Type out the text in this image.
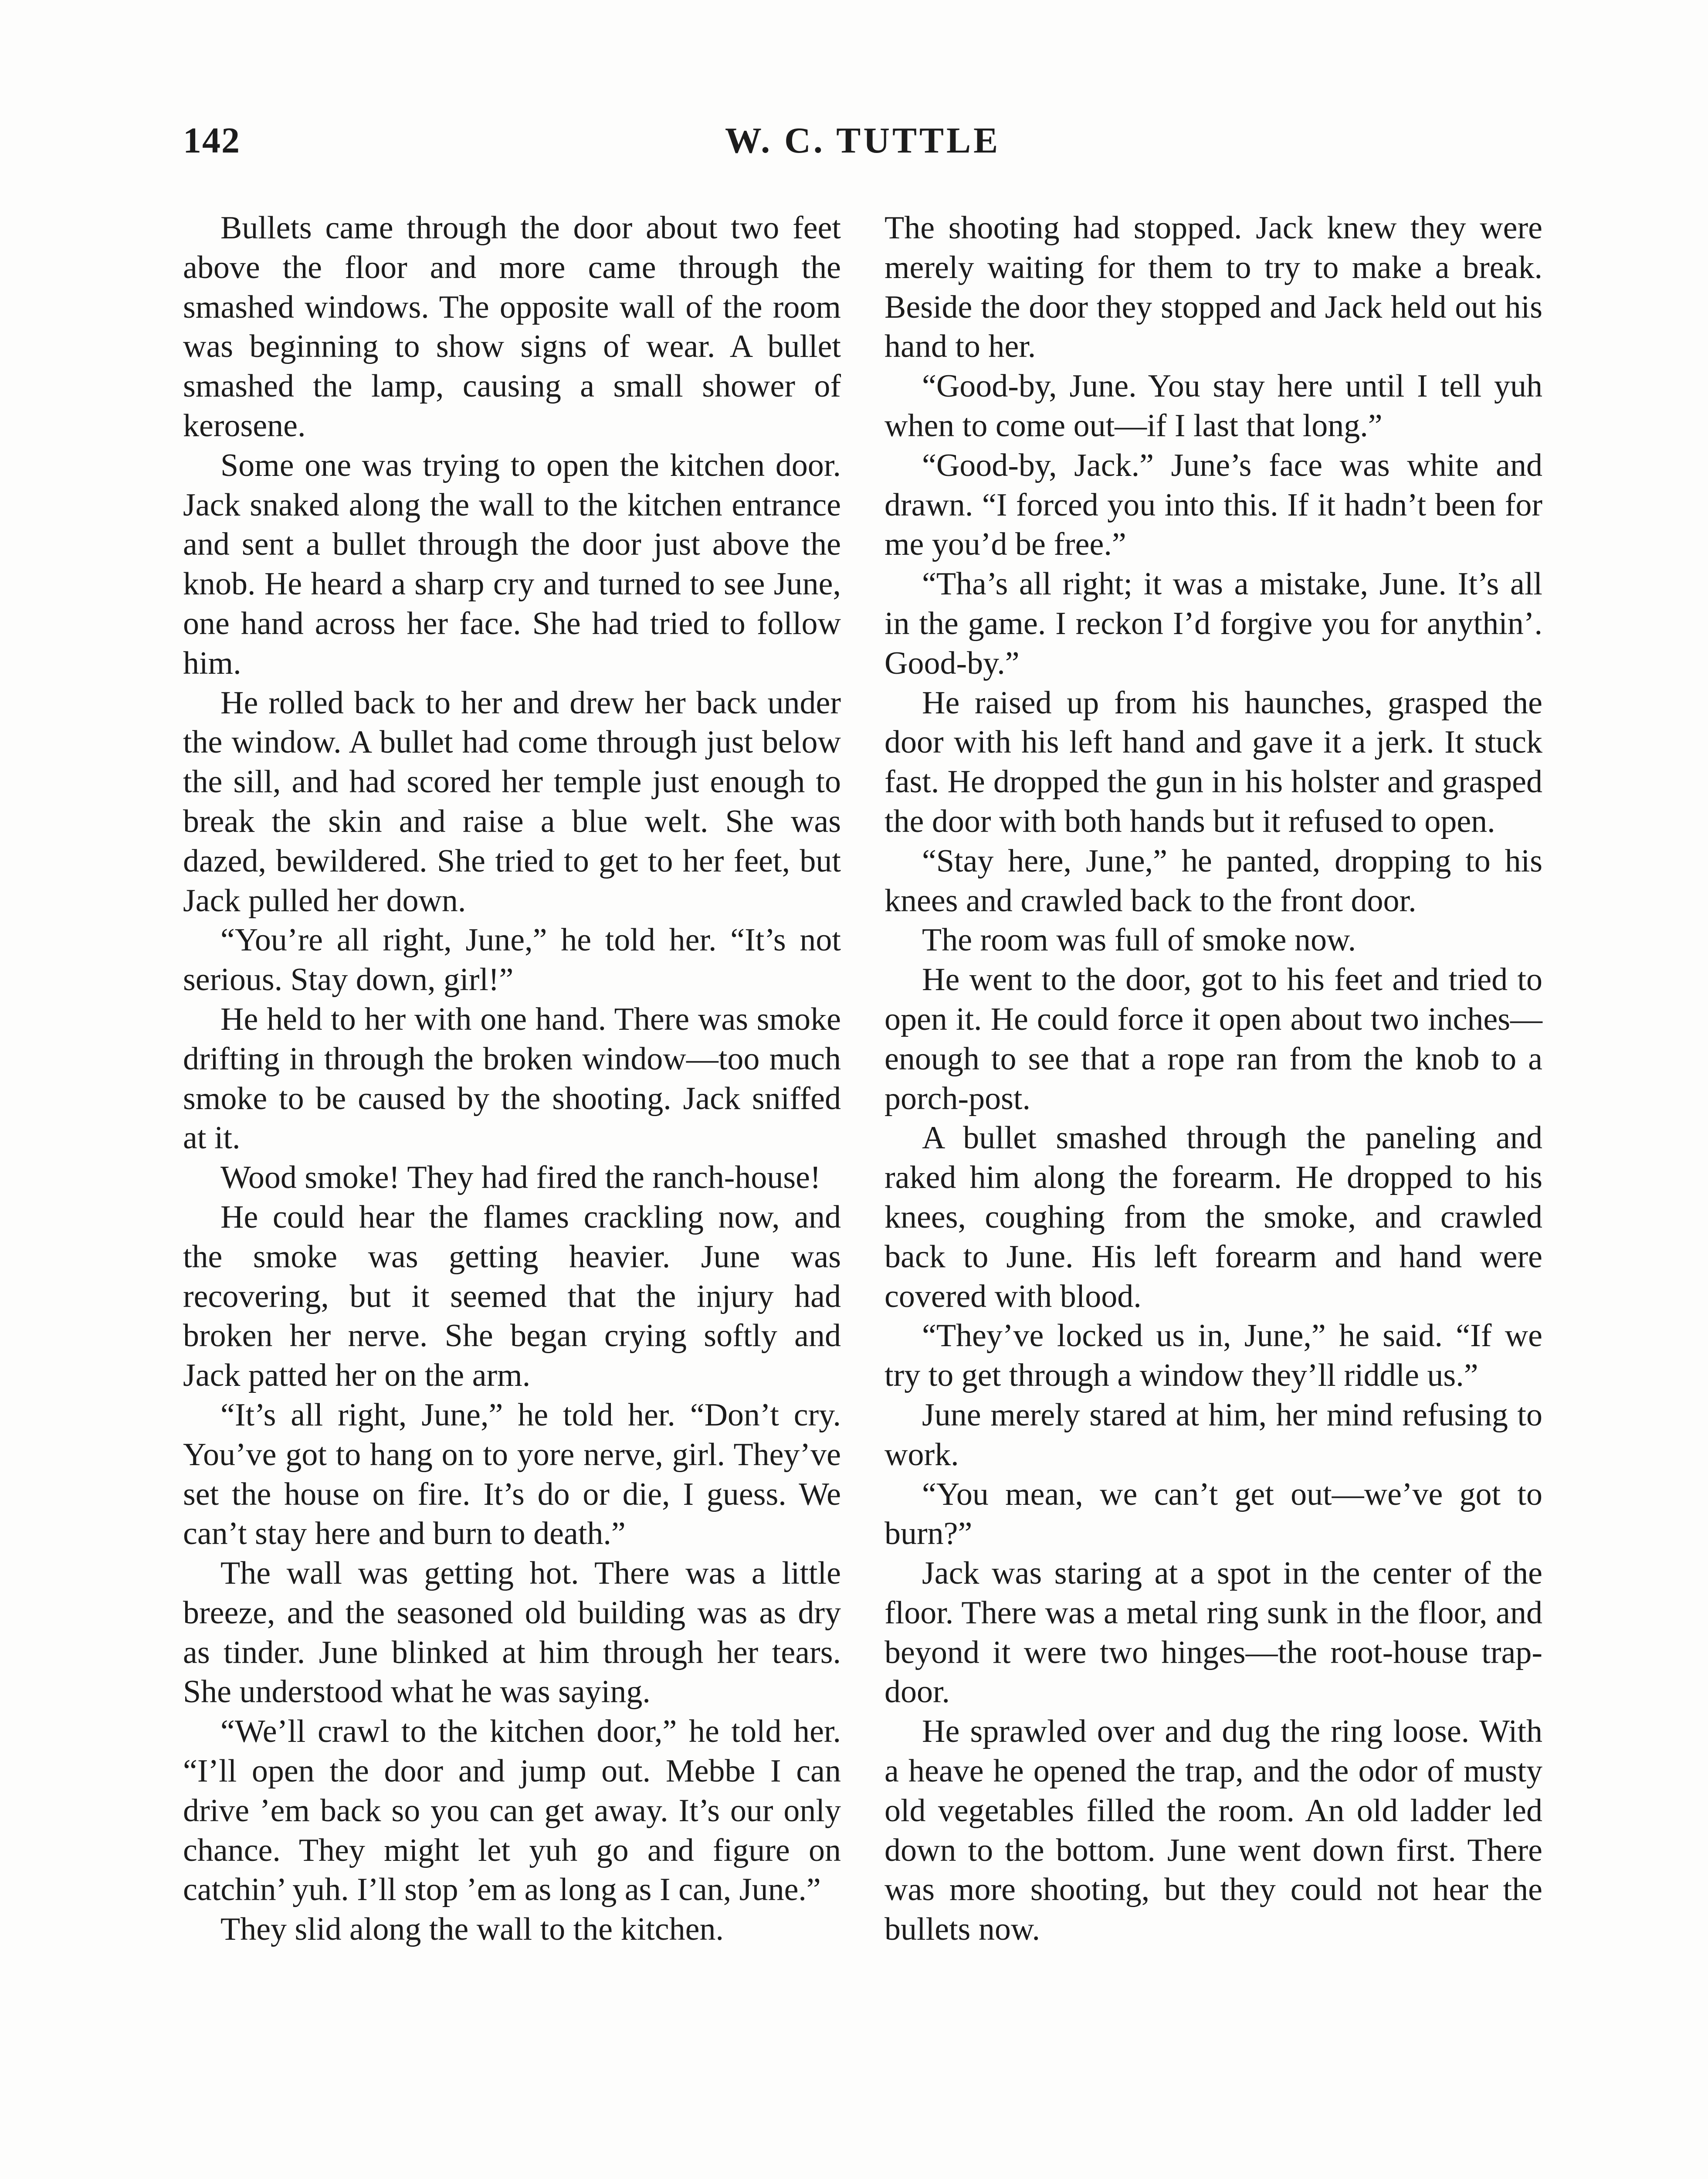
142	W. C. TUTTLE

Bullets came through the door about two feet above the floor and more came through the smashed windows. The opposite wall of the room was beginning to show signs of wear. A bullet smashed the lamp, causing a small shower of kerosene.

Some one was trying to open the kitchen door. Jack snaked along the wall to the kitchen entrance and sent a bullet through the door just above the knob. He heard a sharp cry and turned to see June, one hand across her face. She had tried to follow him.

He rolled back to her and drew her back under the window. A bullet had come through just below the sill, and had scored her temple just enough to break the skin and raise a blue welt. She was dazed, bewildered. She tried to get to her feet, but Jack pulled her down.

“You’re all right, June,” he told her. “It’s not serious. Stay down, girl!”

He held to her with one hand. There was smoke drifting in through the broken window—too much smoke to be caused by the shooting. Jack sniffed at it.

Wood smoke! They had fired the ranch-house!

He could hear the flames crackling now, and the smoke was getting heavier. June was recovering, but it seemed that the injury had broken her nerve. She began crying softly and Jack patted her on the arm.

“It’s all right, June,” he told her. “Don’t cry. You’ve got to hang on to yore nerve, girl. They’ve set the house on fire. It’s do or die, I guess. We can’t stay here and burn to death.”

The wall was getting hot. There was a little breeze, and the seasoned old building was as dry as tinder. June blinked at him through her tears. She understood what he was saying.

“We’ll crawl to the kitchen door,” he told her. “I’ll open the door and jump out. Mebbe I can drive ’em back so you can get away. It’s our only chance. They might let yuh go and figure on catchin’ yuh. I’ll stop ’em as long as I can, June.”

They slid along the wall to the kitchen.

The shooting had stopped. Jack knew they were merely waiting for them to try to make a break. Beside the door they stopped and Jack held out his hand to her.

“Good-by, June. You stay here until I tell yuh when to come out—if I last that long.”

“Good-by, Jack.” June’s face was white and drawn. “I forced you into this. If it hadn’t been for me you’d be free.”

“Tha’s all right; it was a mistake, June. It’s all in the game. I reckon I’d forgive you for anythin’. Good-by.”

He raised up from his haunches, grasped the door with his left hand and gave it a jerk. It stuck fast. He dropped the gun in his holster and grasped the door with both hands but it refused to open.

“Stay here, June,” he panted, dropping to his knees and crawled back to the front door.

The room was full of smoke now.

He went to the door, got to his feet and tried to open it. He could force it open about two inches—enough to see that a rope ran from the knob to a porch-post.

A bullet smashed through the paneling and raked him along the forearm. He dropped to his knees, coughing from the smoke, and crawled back to June. His left forearm and hand were covered with blood.

“They’ve locked us in, June,” he said. “If we try to get through a window they’ll riddle us.”

June merely stared at him, her mind refusing to work.

“You mean, we can’t get out—we’ve got to burn?”

Jack was staring at a spot in the center of the floor. There was a metal ring sunk in the floor, and beyond it were two hinges—the root-house trap-door.

He sprawled over and dug the ring loose. With a heave he opened the trap, and the odor of musty old vegetables filled the room. An old ladder led down to the bottom. June went down first. There was more shooting, but they could not hear the bullets now.
